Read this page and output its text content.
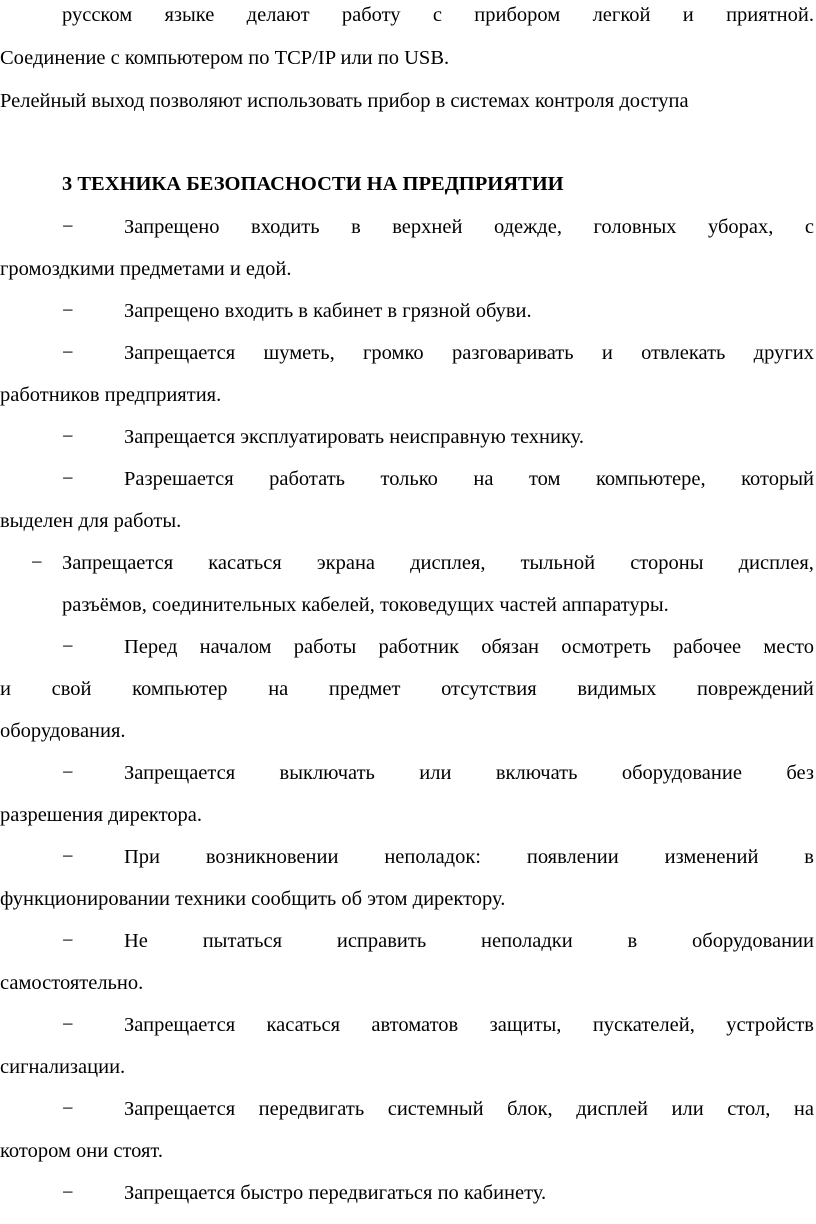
русском языке делают работу с прибором легкой и приятной.
Соединение с компьютером по TCP/IP или по USB.
Релейный выход позволяют использовать прибор в системах контроля доступа
3 ТЕХНИКА БЕЗОПАСНОСТИ НА ПРЕДПРИЯТИИ
− Запрещено входить в верхней одежде, головных уборах, с
громоздкими предметами и едой.
− Запрещено входить в кабинет в грязной обуви.
− Запрещается шуметь, громко разговаривать и отвлекать других
работников предприятия.
− Запрещается эксплуатировать неисправную технику.
− Разрешается работать только на том компьютере, который
выделен для работы.
− Запрещается касаться экрана дисплея, тыльной стороны дисплея,
разъёмов, соединительных кабелей, токоведущих частей аппаратуры.
− Перед началом работы работник обязан осмотреть рабочее место
и свой компьютер на предмет отсутствия видимых повреждений
оборудования.
− Запрещается выключать или включать оборудование без
разрешения директора.
− При возникновении неполадок: появлении изменений в
функционировании техники сообщить об этом директору.
− Не	пытаться	исправить	неполадки	в	оборудовании
самостоятельно.
− Запрещается касаться автоматов защиты, пускателей, устройств
сигнализации.
− Запрещается передвигать системный блок, дисплей или стол, на
котором они стоят.
− Запрещается быстро передвигаться по кабинету.
